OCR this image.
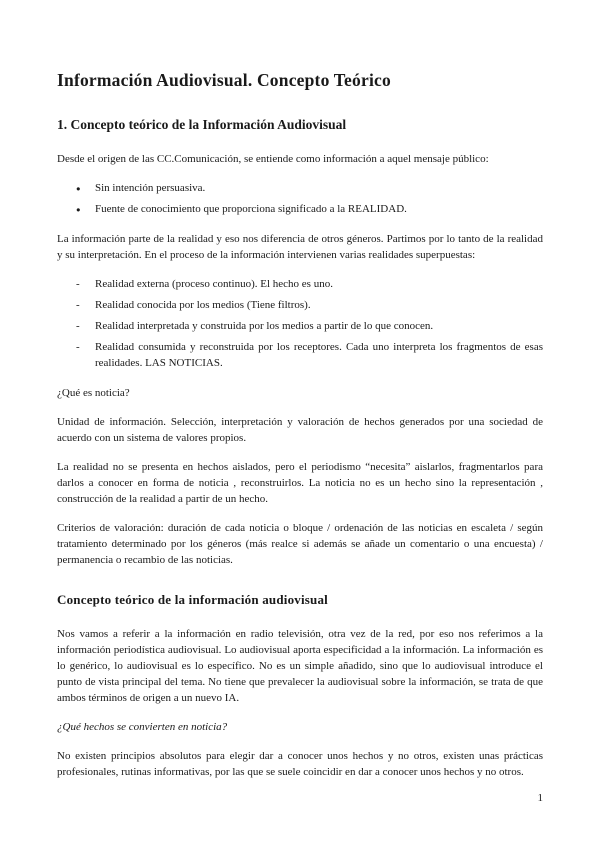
Información Audiovisual. Concepto Teórico
1. Concepto teórico de la Información Audiovisual

Desde el origen de las CC.Comunicación, se entiende como información a aquel mensaje público:

● Sin intención persuasiva.
● Fuente de conocimiento que proporciona significado a la REALIDAD.

La información parte de la realidad y eso nos diferencia de otros géneros. Partimos por lo tanto de la realidad y su interpretación. En el proceso de la información intervienen varias realidades superpuestas:

- Realidad externa (proceso continuo). El hecho es uno.
- Realidad conocida por los medios (Tiene filtros).
- Realidad interpretada y construida por los medios a partir de lo que conocen.
- Realidad consumida y reconstruida por los receptores. Cada uno interpreta los fragmentos de esas realidades. LAS NOTICIAS.

¿Qué es noticia?

Unidad de información. Selección, interpretación y valoración de hechos generados por una sociedad de acuerdo con un sistema de valores propios.

La realidad no se presenta en hechos aislados, pero el periodismo “necesita” aislarlos, fragmentarlos para darlos a conocer en forma de noticia , reconstruirlos. La noticia no es un hecho sino la representación , construcción de la realidad a partir de un hecho.

Criterios de valoración: duración de cada noticia o bloque / ordenación de las noticias en escaleta / según tratamiento determinado por los géneros (más realce si además se añade un comentario o una encuesta) / permanencia o recambio de las noticias.

Concepto teórico de la información audiovisual

Nos vamos a referir a la información en radio televisión, otra vez de la red, por eso nos referimos a la información periodística audiovisual. Lo audiovisual aporta especificidad a la información. La información es lo genérico, lo audiovisual es lo específico. No es un simple añadido, sino que lo audiovisual introduce el punto de vista principal del tema. No tiene que prevalecer la audiovisual sobre la información, se trata de que ambos términos de origen a un nuevo IA.

¿Qué hechos se convierten en noticia?

No existen principios absolutos para elegir dar a conocer unos hechos y no otros, existen unas prácticas profesionales, rutinas informativas, por las que se suele coincidir en dar a conocer unos hechos y no otros.

1
